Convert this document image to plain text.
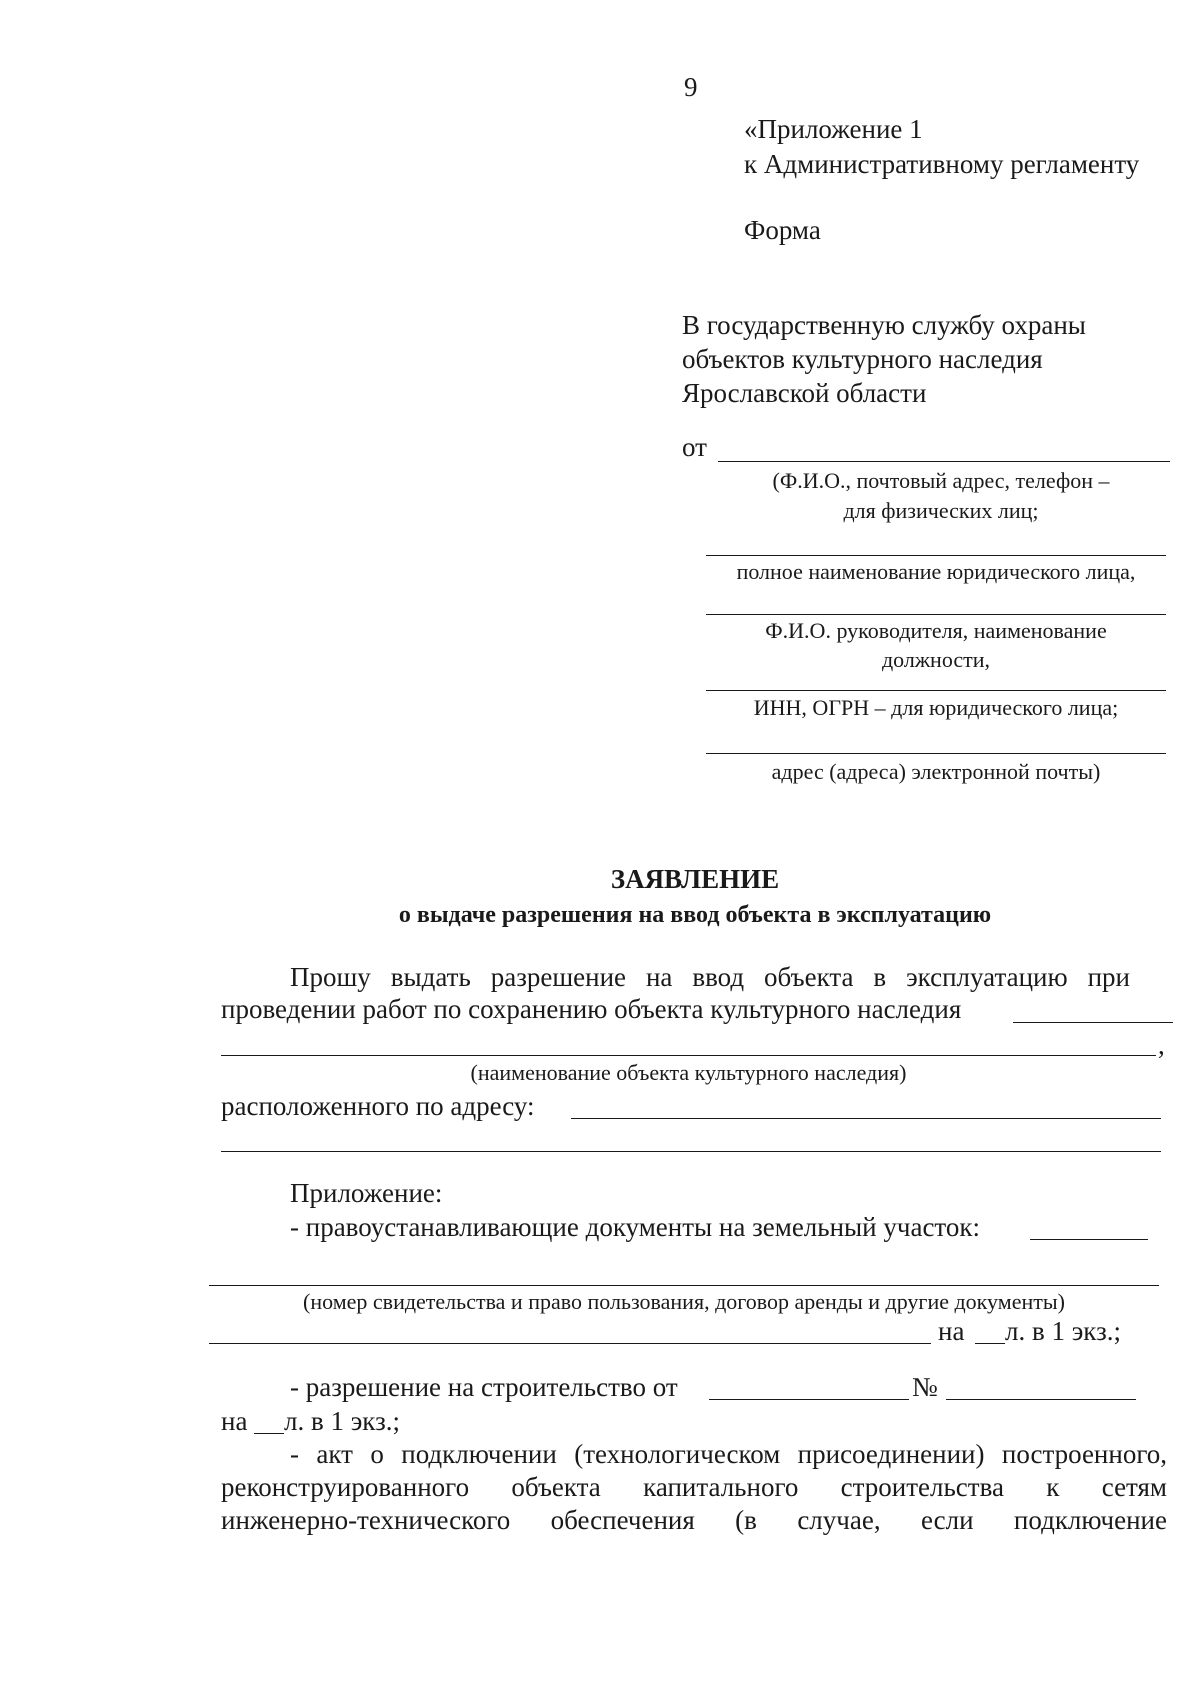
9
«Приложение 1
к Административному регламенту
Форма
В государственную службу охраны
объектов культурного наследия
Ярославской области
от
(Ф.И.О., почтовый адрес, телефон –
для физических лиц;
полное наименование юридического лица,
Ф.И.О. руководителя, наименование
должности,
ИНН, ОГРН – для юридического лица;
адрес (адреса) электронной почты)
ЗАЯВЛЕНИЕ
о выдаче разрешения на ввод объекта в эксплуатацию
Прошу выдать разрешение на ввод объекта в эксплуатацию при
проведении работ по сохранению объекта культурного наследия
,
(наименование объекта культурного наследия)
расположенного по адресу:
Приложение:
- правоустанавливающие документы на земельный участок:
(номер свидетельства и право пользования, договор аренды и другие документы)
на л. в 1 экз.;
- разрешение на строительство от	№
на л. в 1 экз.;
- акт о подключении (технологическом присоединении) построенного,
реконструированного объекта капитального строительства к сетям
инженерно-технического обеспечения (в случае, если подключение
